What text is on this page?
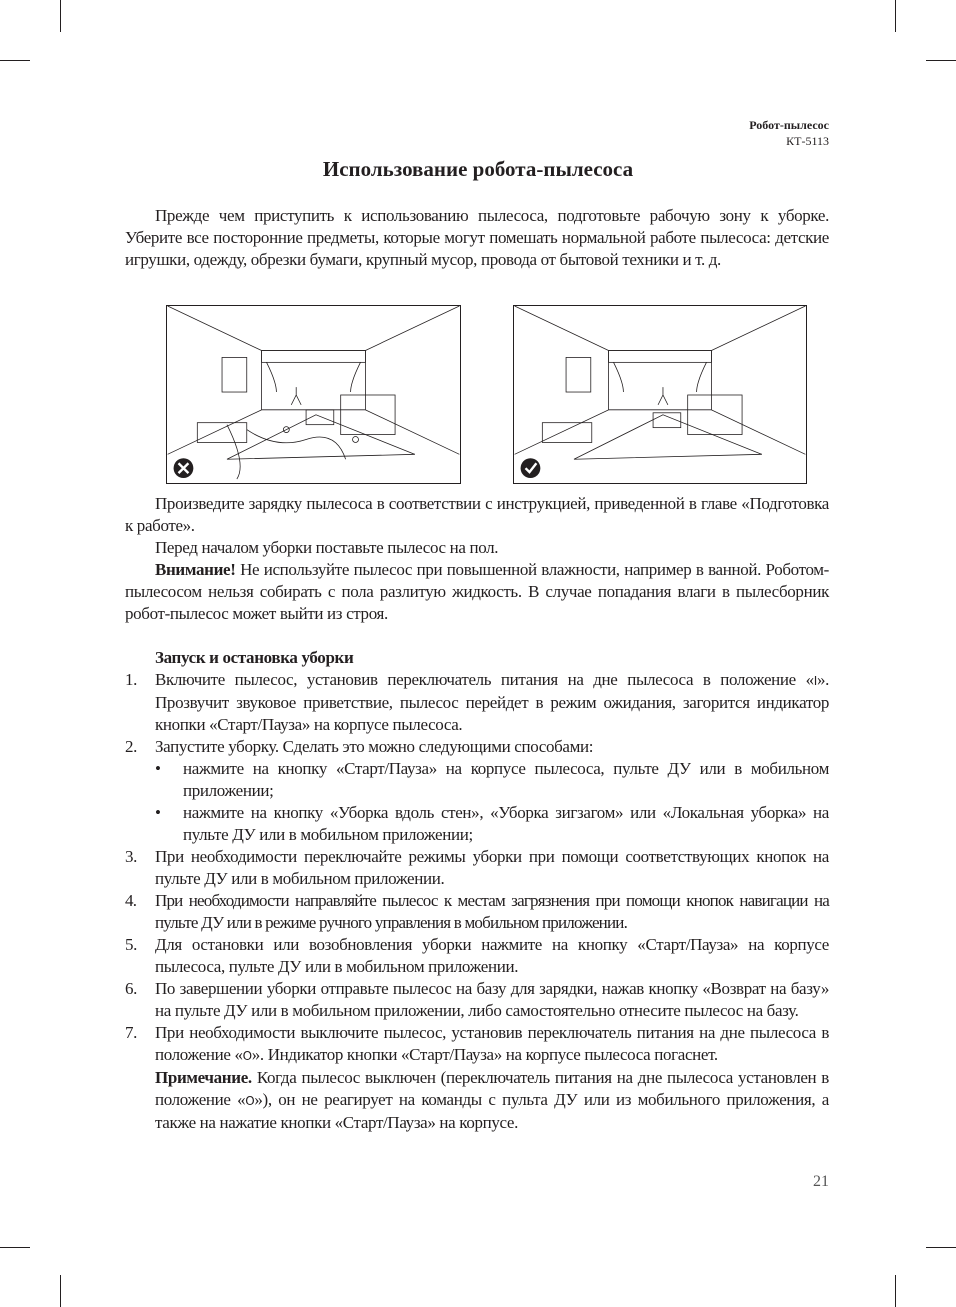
Робот-пылесос
КТ-5113
Использование робота-пылесоса

Прежде чем приступить к использованию пылесоса, подготовьте рабочую зону к уборке. Уберите все посторонние предметы, которые могут помешать нормальной работе пылесоса: детские игрушки, одежду, обрезки бумаги, крупный мусор, провода от бытовой техники и т. д.

Произведите зарядку пылесоса в соответствии с инструкцией, приведенной в главе «Подготовка к работе».

Перед началом уборки поставьте пылесос на пол.

Внимание! Не используйте пылесос при повышенной влажности, например в ванной. Роботом-пылесосом нельзя собирать с пола разлитую жидкость. В случае попадания влаги в пылесборник робот-пылесос может выйти из строя.

Запуск и остановка уборки

1. Включите пылесос, установив переключатель питания на дне пылесоса в положение «I». Прозвучит звуковое приветствие, пылесос перейдет в режим ожидания, загорится индикатор кнопки «Старт/Пауза» на корпусе пылесоса.
2. Запустите уборку. Сделать это можно следующими способами:
• нажмите на кнопку «Старт/Пауза» на корпусе пылесоса, пульте ДУ или в мобильном приложении;
• нажмите на кнопку «Уборка вдоль стен», «Уборка зигзагом» или «Локальная уборка» на пульте ДУ или в мобильном приложении;
3. При необходимости переключайте режимы уборки при помощи соответствующих кнопок на пульте ДУ или в мобильном приложении.
4. При необходимости направляйте пылесос к местам загрязнения при помощи кнопок навигации на пульте ДУ или в режиме ручного управления в мобильном приложении.
5. Для остановки или возобновления уборки нажмите на кнопку «Старт/Пауза» на корпусе пылесоса, пульте ДУ или в мобильном приложении.
6. По завершении уборки отправьте пылесос на базу для зарядки, нажав кнопку «Возврат на базу» на пульте ДУ или в мобильном приложении, либо самостоятельно отнесите пылесос на базу.
7. При необходимости выключите пылесос, установив переключатель питания на дне пылесоса в положение «O». Индикатор кнопки «Старт/Пауза» на корпусе пылесоса погаснет.
Примечание. Когда пылесос выключен (переключатель питания на дне пылесоса установлен в положение «O»), он не реагирует на команды с пульта ДУ или из мобильного приложения, а также на нажатие кнопки «Старт/Пауза» на корпусе.
21
